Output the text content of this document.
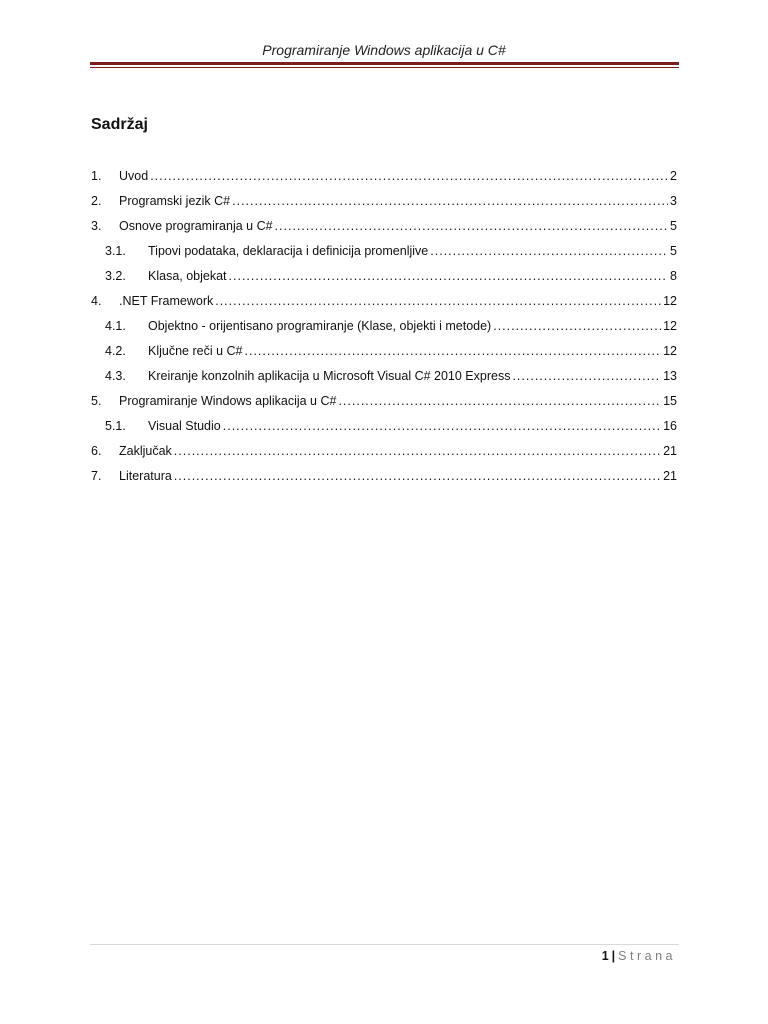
Programiranje Windows aplikacija u C#
Sadržaj
1.	Uvod .....	2
2.	Programski jezik C# .....	3
3.	Osnove programiranja u C# .....	5
3.1.	Tipovi podataka, deklaracija i definicija promenljive .....	5
3.2.	Klasa, objekat .....	8
4.	.NET Framework .....	12
4.1.	Objektno - orijentisano programiranje (Klase, objekti i metode) .....	12
4.2.	Ključne reči u C# .....	12
4.3.	Kreiranje konzolnih aplikacija u Microsoft Visual C# 2010 Express .....	13
5.	Programiranje Windows aplikacija u C# .....	15
5.1.	Visual Studio .....	16
6.	Zaključak .....	21
7.	Literatura .....	21
1 | Strana
